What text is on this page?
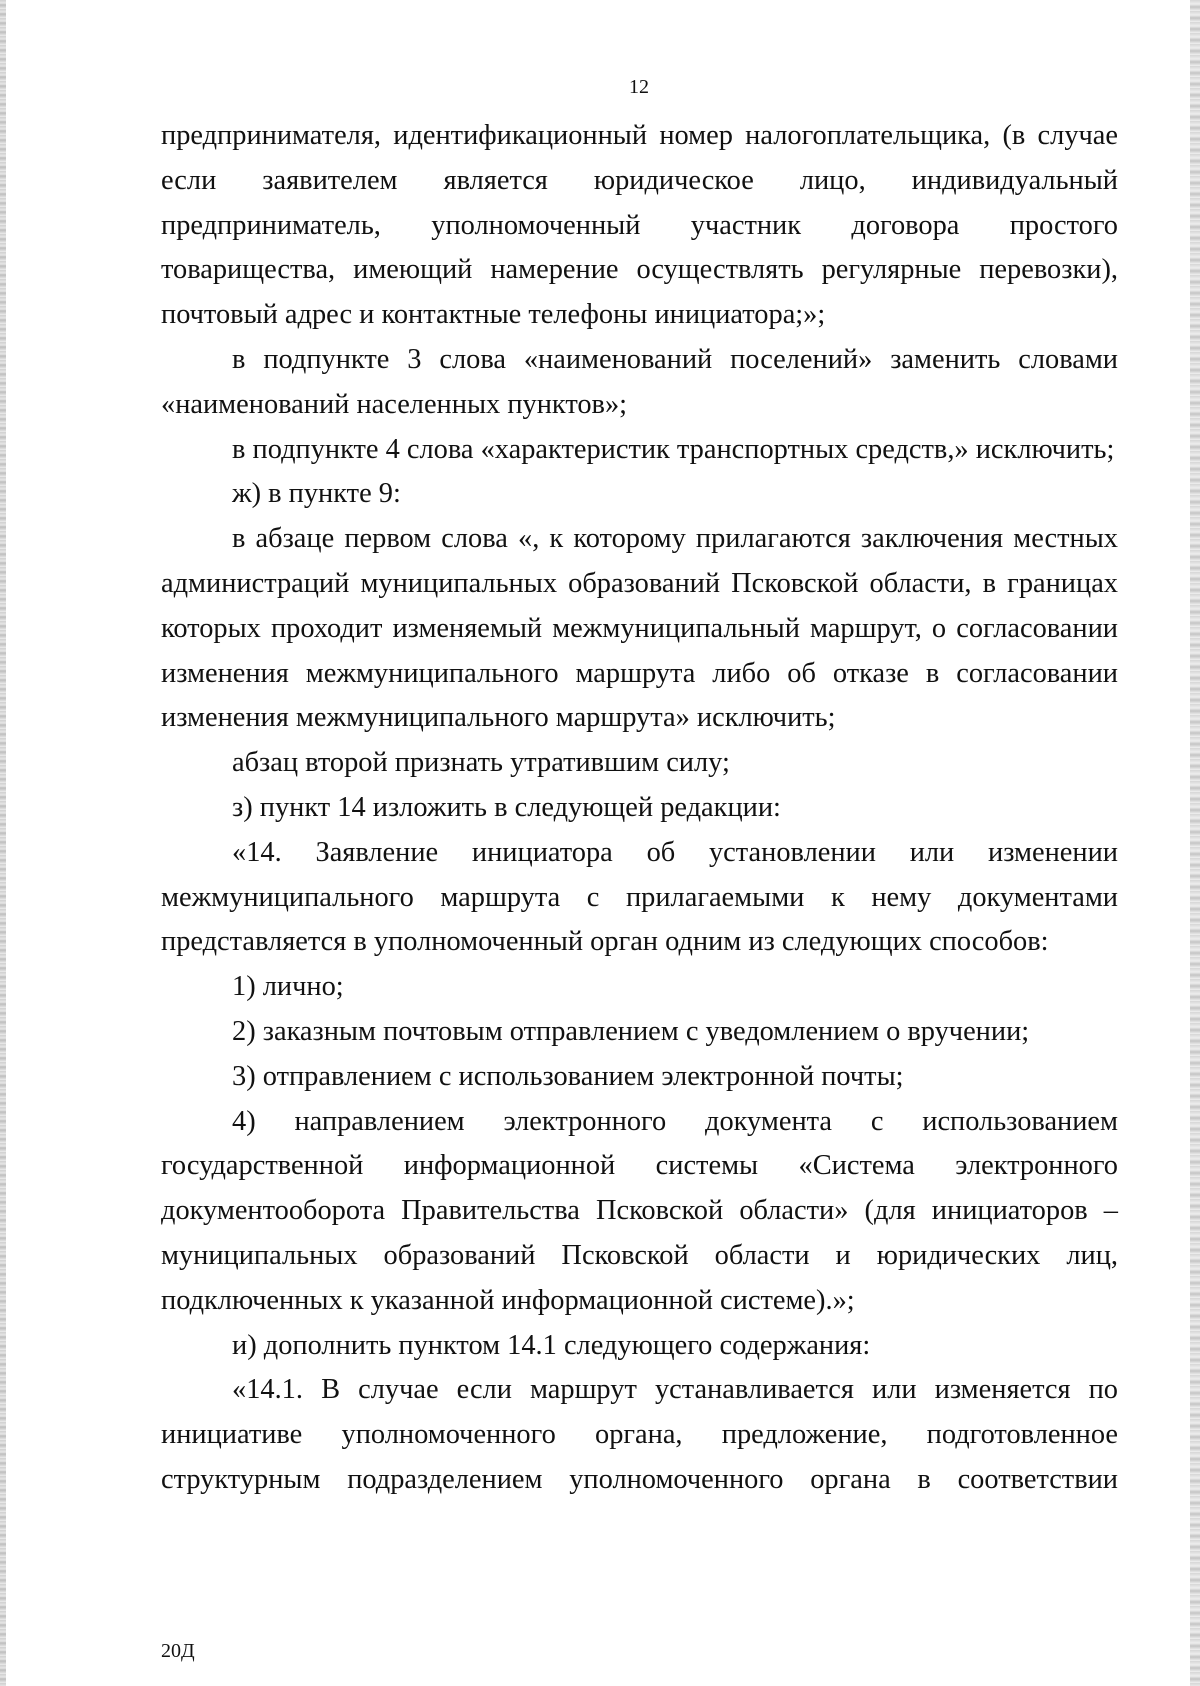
12

предпринимателя, идентификационный номер налогоплательщика, (в случае если заявителем является юридическое лицо, индивидуальный предприниматель, уполномоченный участник договора простого товарищества, имеющий намерение осуществлять регулярные перевозки), почтовый адрес и контактные телефоны инициатора;»;

в подпункте 3 слова «наименований поселений» заменить словами «наименований населенных пунктов»;

в подпункте 4 слова «характеристик транспортных средств,» исключить;

ж) в пункте 9:

в абзаце первом слова «, к которому прилагаются заключения местных администраций муниципальных образований Псковской области, в границах которых проходит изменяемый межмуниципальный маршрут, о согласовании изменения межмуниципального маршрута либо об отказе в согласовании изменения межмуниципального маршрута» исключить;

абзац второй признать утратившим силу;

з) пункт 14 изложить в следующей редакции:

«14. Заявление инициатора об установлении или изменении межмуниципального маршрута с прилагаемыми к нему документами представляется в уполномоченный орган одним из следующих способов:

1) лично;

2) заказным почтовым отправлением с уведомлением о вручении;

3) отправлением с использованием электронной почты;

4) направлением электронного документа с использованием государственной информационной системы «Система электронного документооборота Правительства Псковской области» (для инициаторов – муниципальных образований Псковской области и юридических лиц, подключенных к указанной информационной системе).»;

и) дополнить пунктом 14.1 следующего содержания:

«14.1. В случае если маршрут устанавливается или изменяется по инициативе уполномоченного органа, предложение, подготовленное структурным подразделением уполномоченного органа в соответствии

20Д
